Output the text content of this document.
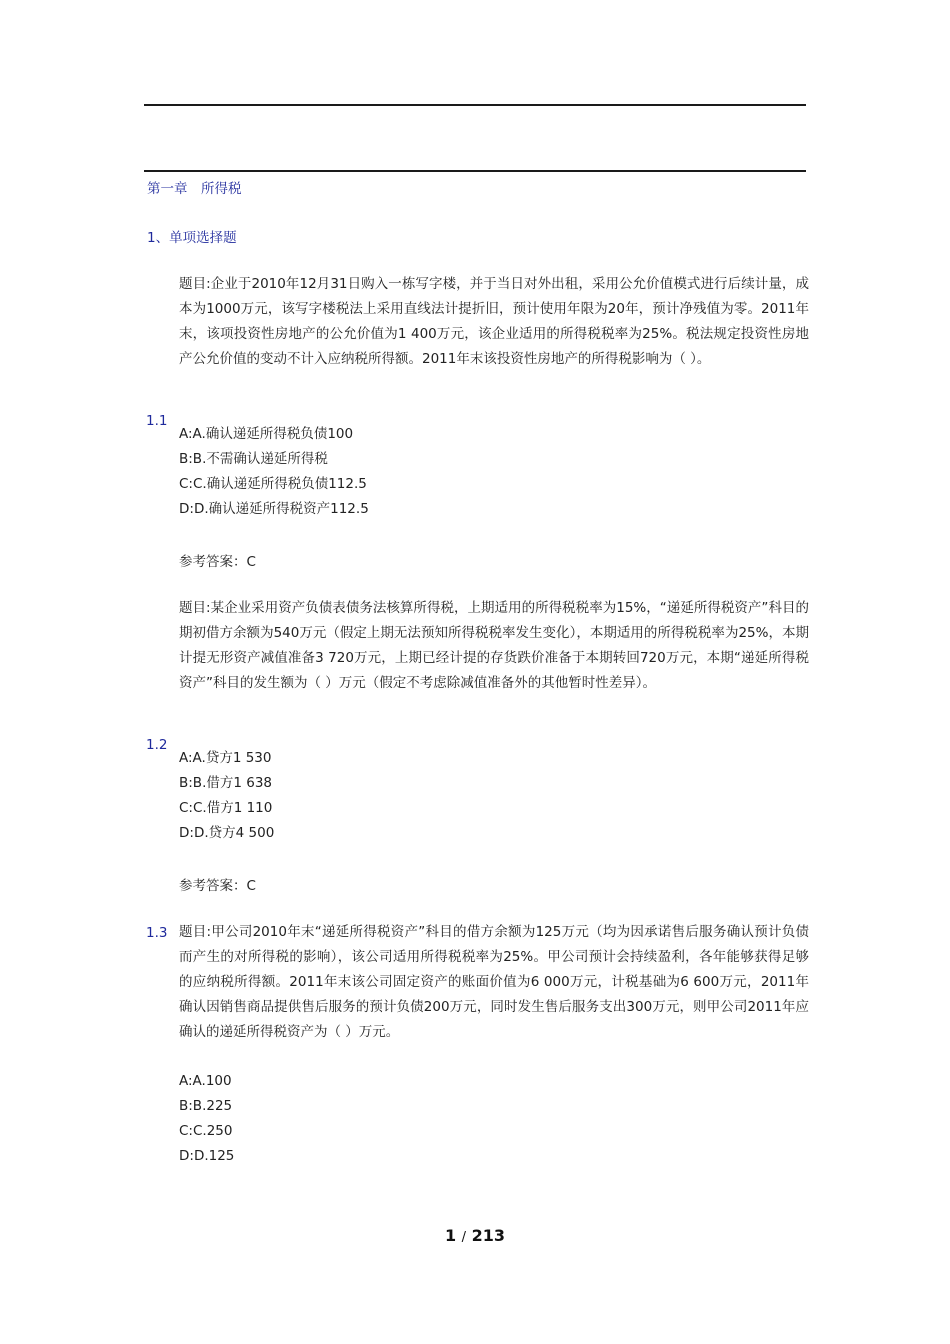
第一章　所得税
1、单项选择题
题目:企业于2010年12月31日购入一栋写字楼，并于当日对外出租，采用公允价值模式进行后续计量，成本为1000万元，该写字楼税法上采用直线法计提折旧，预计使用年限为20年，预计净残值为零。2011年末，该项投资性房地产的公允价值为1 400万元，该企业适用的所得税税率为25%。税法规定投资性房地产公允价值的变动不计入应纳税所得额。2011年末该投资性房地产的所得税影响为（ ）。
1.1
A:A.确认递延所得税负债100
B:B.不需确认递延所得税
C:C.确认递延所得税负债112.5
D:D.确认递延所得税资产112.5
参考答案：C
题目:某企业采用资产负债表债务法核算所得税，上期适用的所得税税率为15%，“递延所得税资产”科目的期初借方余额为540万元（假定上期无法预知所得税税率发生变化），本期适用的所得税税率为25%，本期计提无形资产减值准备3 720万元，上期已经计提的存货跌价准备于本期转回720万元，本期“递延所得税资产”科目的发生额为（ ）万元（假定不考虑除减值准备外的其他暂时性差异）。
1.2
A:A.贷方1 530
B:B.借方1 638
C:C.借方1 110
D:D.贷方4 500
参考答案：C
1.3 题目:甲公司2010年末“递延所得税资产”科目的借方余额为125万元（均为因承诺售后服务确认预计负债而产生的对所得税的影响），该公司适用所得税税率为25%。甲公司预计会持续盈利，各年能够获得足够的应纳税所得额。2011年末该公司固定资产的账面价值为6 000万元，计税基础为6 600万元，2011年确认因销售商品提供售后服务的预计负债200万元，同时发生售后服务支出300万元，则甲公司2011年应确认的递延所得税资产为（ ）万元。
A:A.100
B:B.225
C:C.250
D:D.125
1 / 213
